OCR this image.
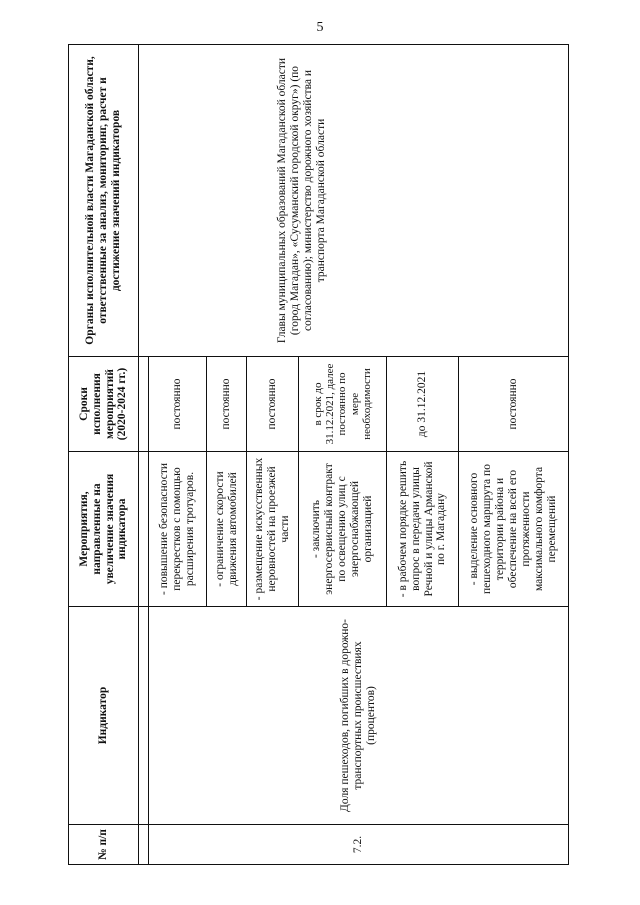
5
№ п/п	Индикатор	Мероприятия, направленные на увеличение значения индикатора	Сроки исполнения мероприятий (2020-2024 гг.)	Органы исполнительной власти Магаданской области, ответственные за анализ, мониторинг, расчет и достижение значений индикаторов

				Главы муниципальных образований Магаданской области (город Магадан», «Сусуманский городской округ») (по согласованию); министерство дорожного хозяйства и транспорта Магаданской области

7.2.	Доля пешеходов, погибших в дорожно-транспортных происшествиях (процентов)	- повышение безопасности перекрестков с помощью расширения тротуаров.	постоянно	
		- ограничение скорости движения автомобилей	постоянно	
		- размещение искусственных неровностей на проезжей части	постоянно	
		- заключить энергосервисный контракт по освещению улиц с энергоснабжающей организацией	в срок до 31.12.2021, далее постоянно по мере необходимости	
		- в рабочем порядке решить вопрос в передачи улицы Речной и улицы Арманской по г. Магадану	до 31.12.2021	
		- выделение основного пешеходного маршрута по территории района и обеспечение на всей его протяженности максимального комфорта перемещений	постоянно	
